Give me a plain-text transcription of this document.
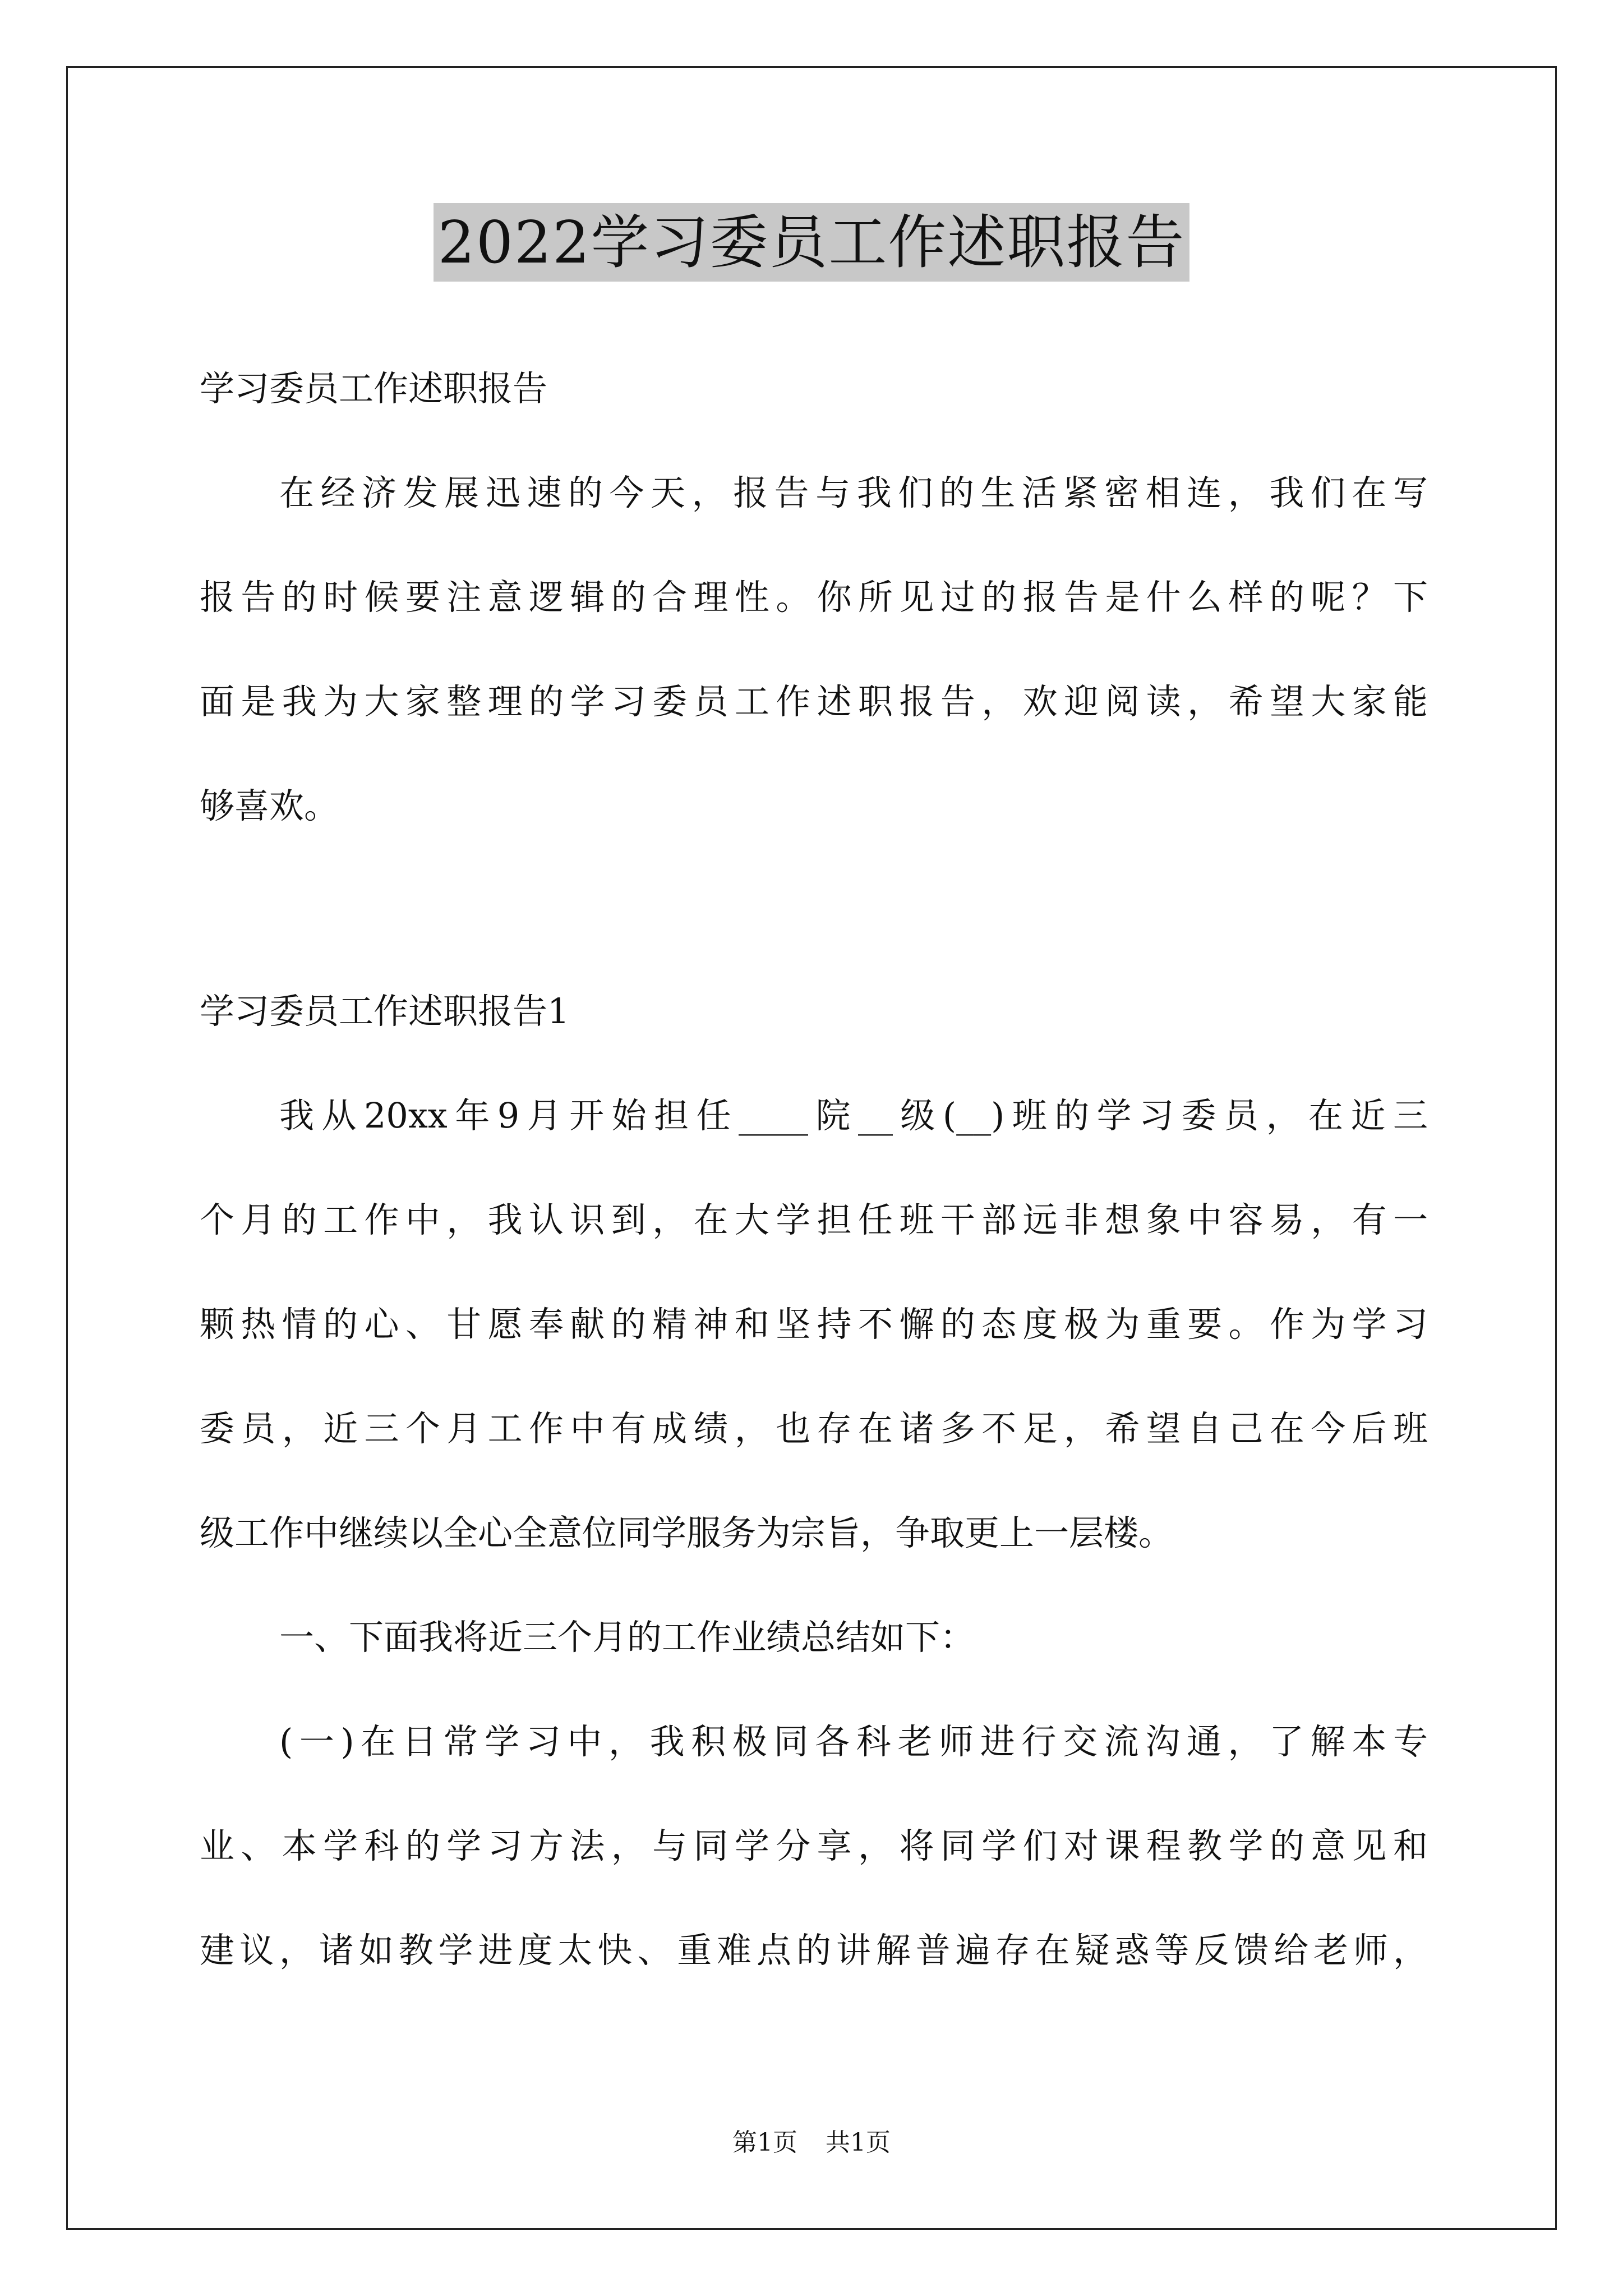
2022学习委员工作述职报告
学习委员工作述职报告
在经济发展迅速的今天，报告与我们的生活紧密相连，我们在写
报告的时候要注意逻辑的合理性。你所见过的报告是什么样的呢？下
面是我为大家整理的学习委员工作述职报告，欢迎阅读，希望大家能
够喜欢。
学习委员工作述职报告1
我从20xx年9月开始担任____院__级(__)班的学习委员，在近三
个月的工作中，我认识到，在大学担任班干部远非想象中容易，有一
颗热情的心、甘愿奉献的精神和坚持不懈的态度极为重要。作为学习
委员，近三个月工作中有成绩，也存在诸多不足，希望自己在今后班
级工作中继续以全心全意位同学服务为宗旨，争取更上一层楼。
一、下面我将近三个月的工作业绩总结如下：
(一)在日常学习中，我积极同各科老师进行交流沟通，了解本专
业、本学科的学习方法，与同学分享，将同学们对课程教学的意见和
建议，诸如教学进度太快、重难点的讲解普遍存在疑惑等反馈给老师，
第1页 共1页
